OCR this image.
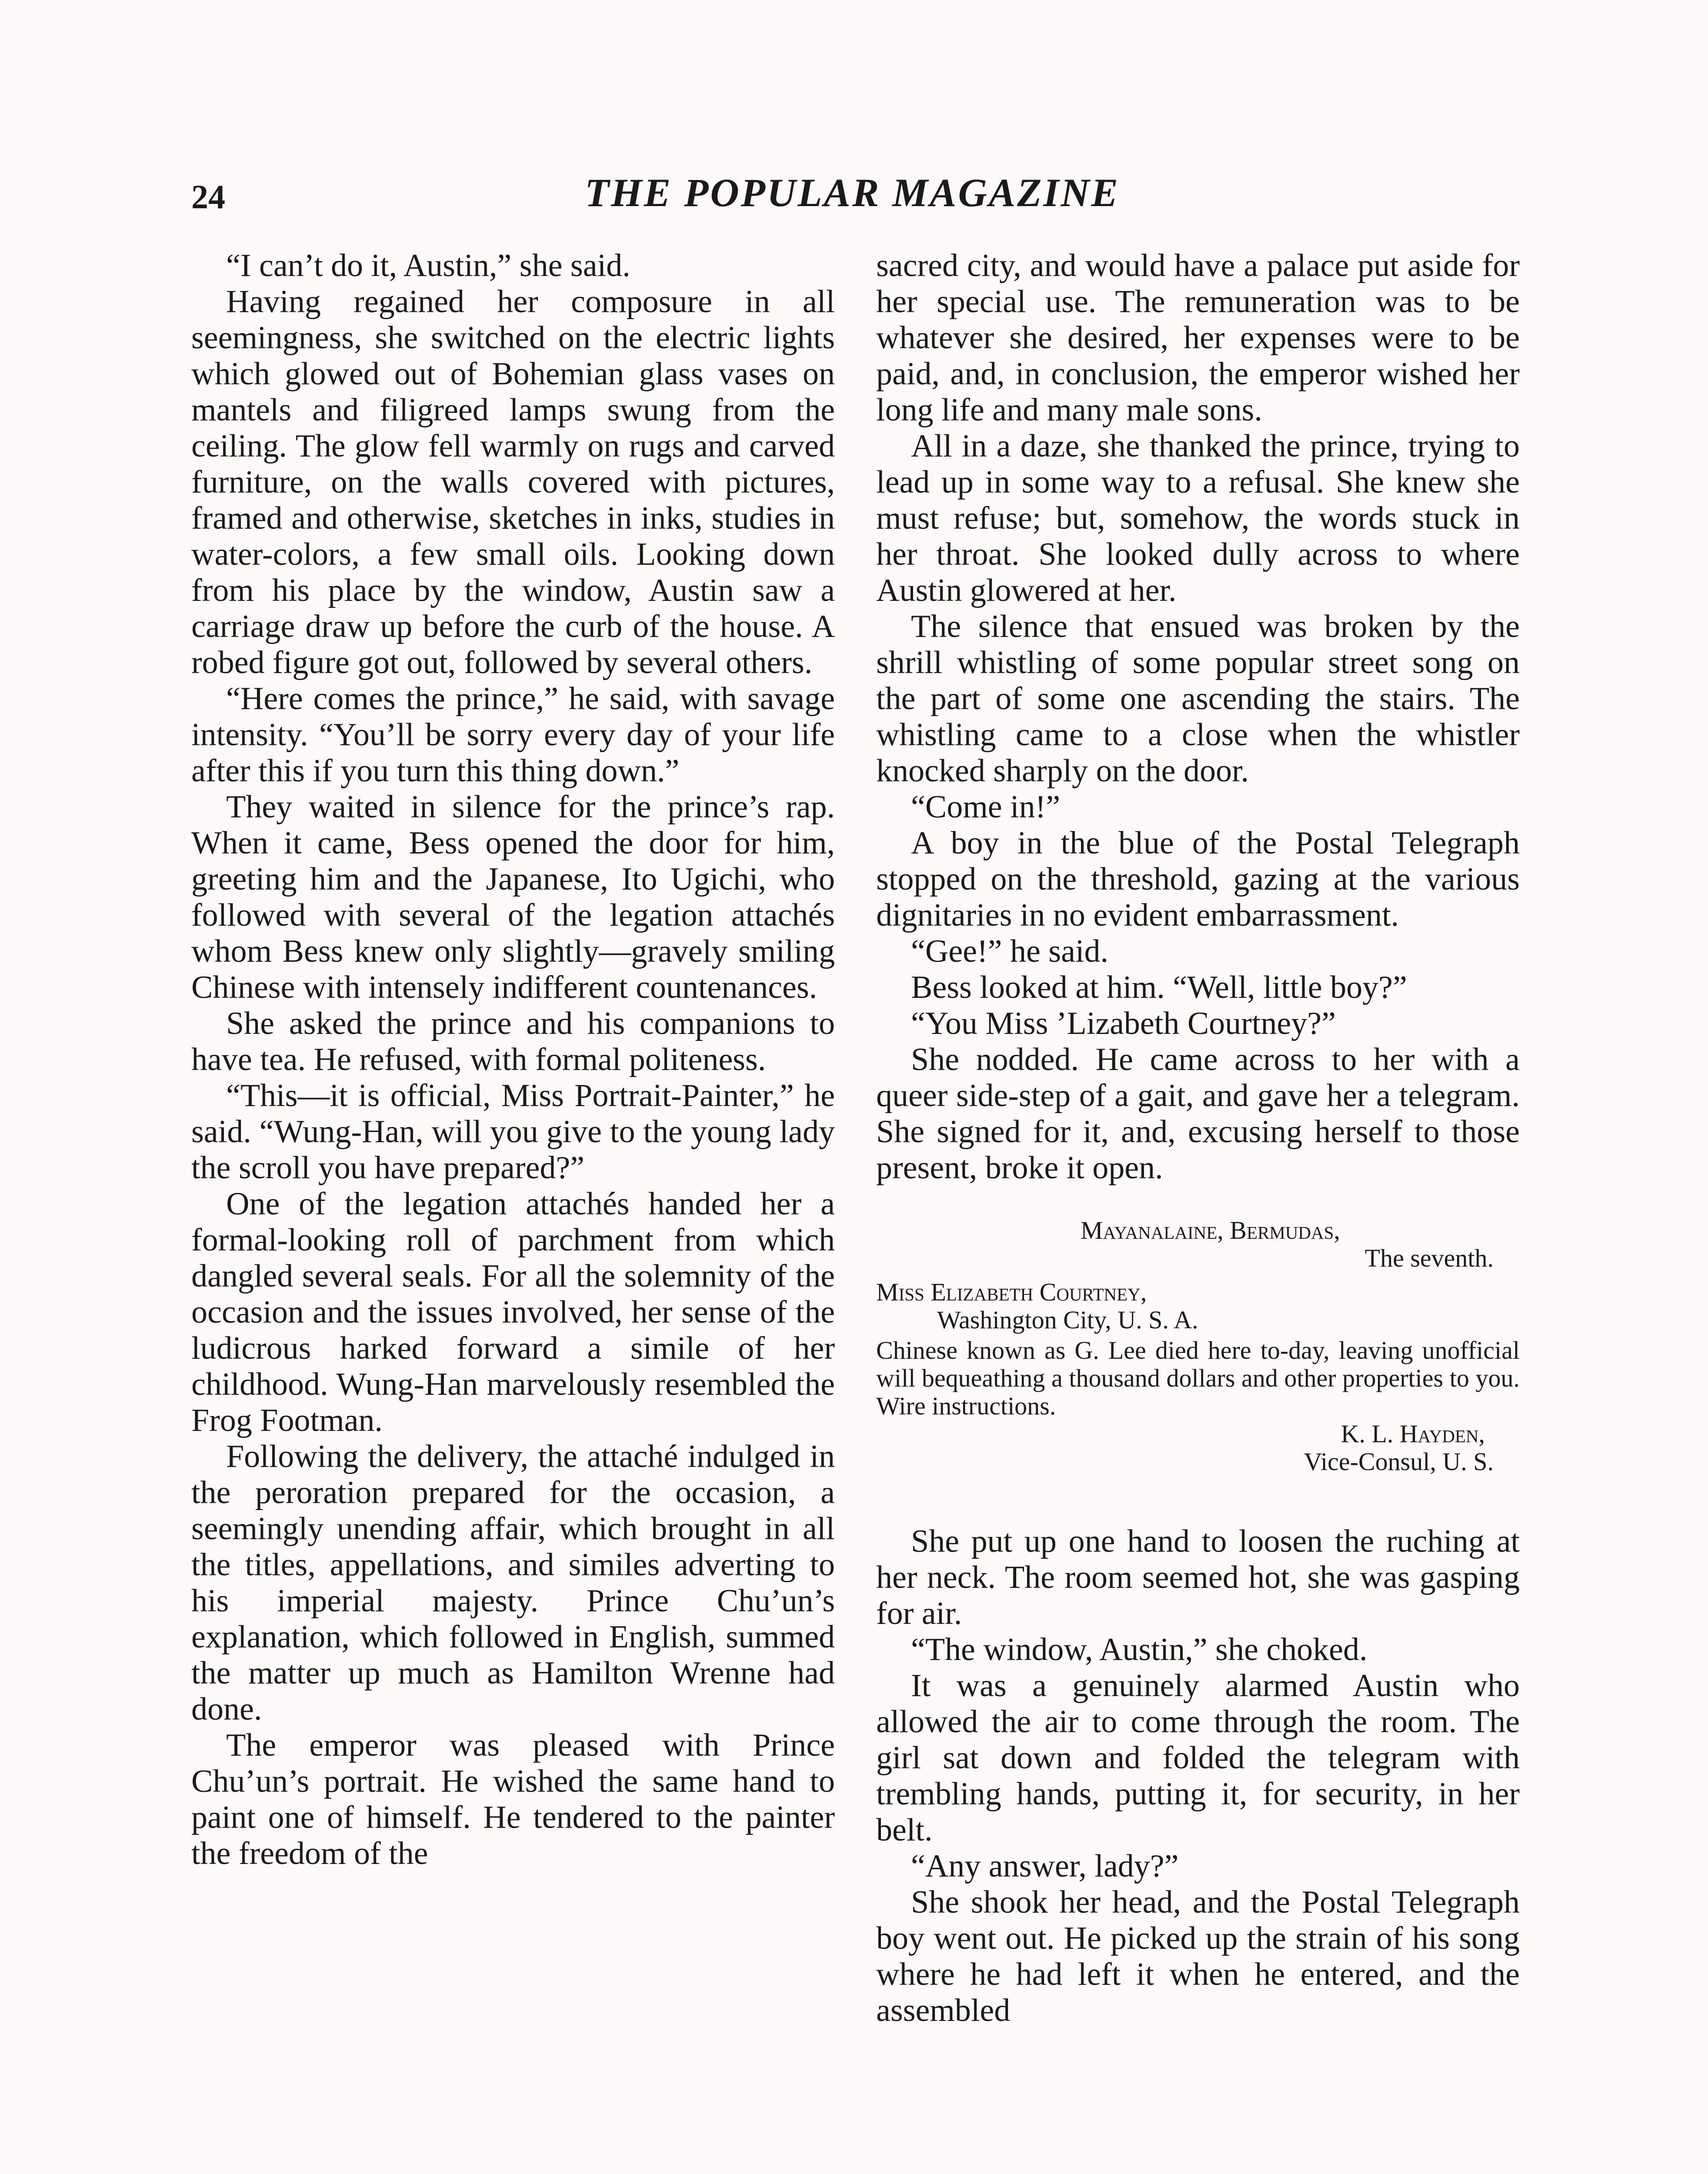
24	THE POPULAR MAGAZINE

“I can’t do it, Austin,” she said.

Having regained her composure in all seemingness, she switched on the electric lights which glowed out of Bohemian glass vases on mantels and filigreed lamps swung from the ceiling. The glow fell warmly on rugs and carved furniture, on the walls covered with pictures, framed and otherwise, sketches in inks, studies in water-colors, a few small oils. Looking down from his place by the window, Austin saw a carriage draw up before the curb of the house. A robed figure got out, followed by several others.

“Here comes the prince,” he said, with savage intensity. “You’ll be sorry every day of your life after this if you turn this thing down.”

They waited in silence for the prince’s rap. When it came, Bess opened the door for him, greeting him and the Japanese, Ito Ugichi, who followed with several of the legation attachés whom Bess knew only slightly—gravely smiling Chinese with intensely indifferent countenances.

She asked the prince and his companions to have tea. He refused, with formal politeness.

“This—it is official, Miss Portrait-Painter,” he said. “Wung-Han, will you give to the young lady the scroll you have prepared?”

One of the legation attachés handed her a formal-looking roll of parchment from which dangled several seals. For all the solemnity of the occasion and the issues involved, her sense of the ludicrous harked forward a simile of her childhood. Wung-Han marvelously resembled the Frog Footman.

Following the delivery, the attaché indulged in the peroration prepared for the occasion, a seemingly unending affair, which brought in all the titles, appellations, and similes adverting to his imperial majesty. Prince Chu’un’s explanation, which followed in English, summed the matter up much as Hamilton Wrenne had done.

The emperor was pleased with Prince Chu’un’s portrait. He wished the same hand to paint one of himself. He tendered to the painter the freedom of the

sacred city, and would have a palace put aside for her special use. The remuneration was to be whatever she desired, her expenses were to be paid, and, in conclusion, the emperor wished her long life and many male sons.

All in a daze, she thanked the prince, trying to lead up in some way to a refusal. She knew she must refuse; but, somehow, the words stuck in her throat. She looked dully across to where Austin glowered at her.

The silence that ensued was broken by the shrill whistling of some popular street song on the part of some one ascending the stairs. The whistling came to a close when the whistler knocked sharply on the door.

“Come in!”

A boy in the blue of the Postal Telegraph stopped on the threshold, gazing at the various dignitaries in no evident embarrassment.

“Gee!” he said.

Bess looked at him. “Well, little boy?”

“You Miss ’Lizabeth Courtney?”

She nodded. He came across to her with a queer side-step of a gait, and gave her a telegram. She signed for it, and, excusing herself to those present, broke it open.

Mayanalaine, Bermudas,
The seventh.
Miss Elizabeth Courtney,
Washington City, U. S. A.
Chinese known as G. Lee died here to-day, leaving unofficial will bequeathing a thousand dollars and other properties to you. Wire instructions.
K. L. Hayden,
Vice-Consul, U. S.

She put up one hand to loosen the ruching at her neck. The room seemed hot, she was gasping for air.

“The window, Austin,” she choked.

It was a genuinely alarmed Austin who allowed the air to come through the room. The girl sat down and folded the telegram with trembling hands, putting it, for security, in her belt.

“Any answer, lady?”

She shook her head, and the Postal Telegraph boy went out. He picked up the strain of his song where he had left it when he entered, and the assembled
